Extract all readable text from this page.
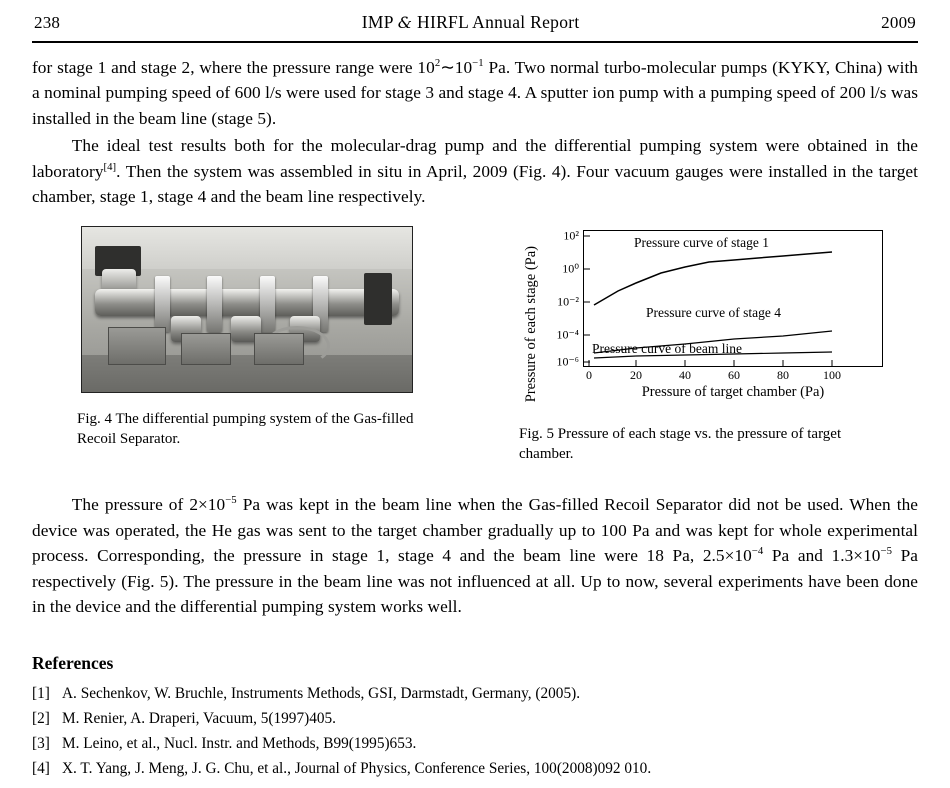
238	IMP & HIRFL Annual Report	2009

for stage 1 and stage 2, where the pressure range were $10^2\sim 10^{-1}$ Pa. Two normal turbo-molecular pumps (KYKY, China) with a nominal pumping speed of 600 l/s were used for stage 3 and stage 4. A sputter ion pump with a pumping speed of 200 l/s was installed in the beam line (stage 5).

The ideal test results both for the molecular-drag pump and the differential pumping system were obtained in the laboratory[4]. Then the system was assembled in situ in April, 2009 (Fig. 4). Four vacuum gauges were installed in the target chamber, stage 1, stage 4 and the beam line respectively.

Fig. 4 The differential pumping system of the Gas-filled Recoil Separator.
Pressure of each stage (Pa)
10²
10⁰
10⁻²
10⁻⁴
10⁻⁶
Pressure curve of stage 1
Pressure curve of stage 4
Pressure curve of beam line
0	20	40	60	80	100
Pressure of target chamber (Pa)
Fig. 5 Pressure of each stage vs. the pressure of target chamber.

The pressure of $2\times 10^{-5}$ Pa was kept in the beam line when the Gas-filled Recoil Separator did not be used. When the device was operated, the He gas was sent to the target chamber gradually up to 100 Pa and was kept for whole experimental process. Corresponding, the pressure in stage 1, stage 4 and the beam line were 18 Pa, $2.5\times 10^{-4}$ Pa and $1.3\times 10^{-5}$ Pa respectively (Fig. 5). The pressure in the beam line was not influenced at all. Up to now, several experiments have been done in the device and the differential pumping system works well.

References
[1] A. Sechenkov, W. Bruchle, Instruments Methods, GSI, Darmstadt, Germany, (2005).
[2] M. Renier, A. Draperi, Vacuum, 5(1997)405.
[3] M. Leino, et al., Nucl. Instr. and Methods, B99(1995)653.
[4] X. T. Yang, J. Meng, J. G. Chu, et al., Journal of Physics, Conference Series, 100(2008)092 010.
